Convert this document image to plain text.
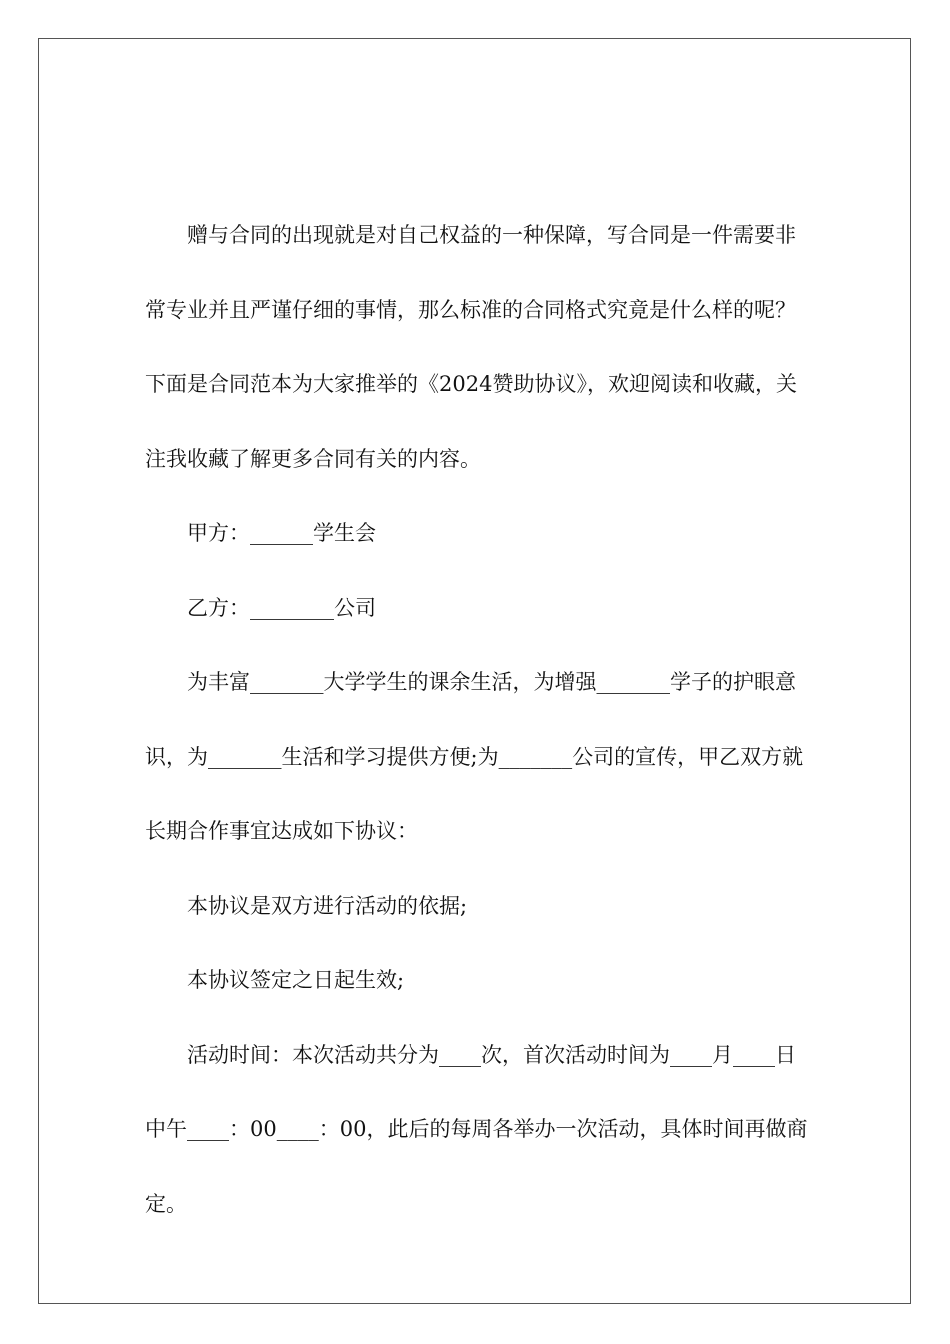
赠与合同的出现就是对自己权益的一种保障，写合同是一件需要非常专业并且严谨仔细的事情，那么标准的合同格式究竟是什么样的呢？下面是合同范本为大家推举的《2024赞助协议》，欢迎阅读和收藏，关注我收藏了解更多合同有关的内容。

甲方：______学生会

乙方：________公司

为丰富_______大学学生的课余生活，为增强_______学子的护眼意识，为_______生活和学习提供方便;为_______公司的宣传，甲乙双方就长期合作事宜达成如下协议：

本协议是双方进行活动的依据;

本协议签定之日起生效;

活动时间：本次活动共分为____次，首次活动时间为____月____日中午____：00____：00，此后的每周各举办一次活动，具体时间再做商定。
